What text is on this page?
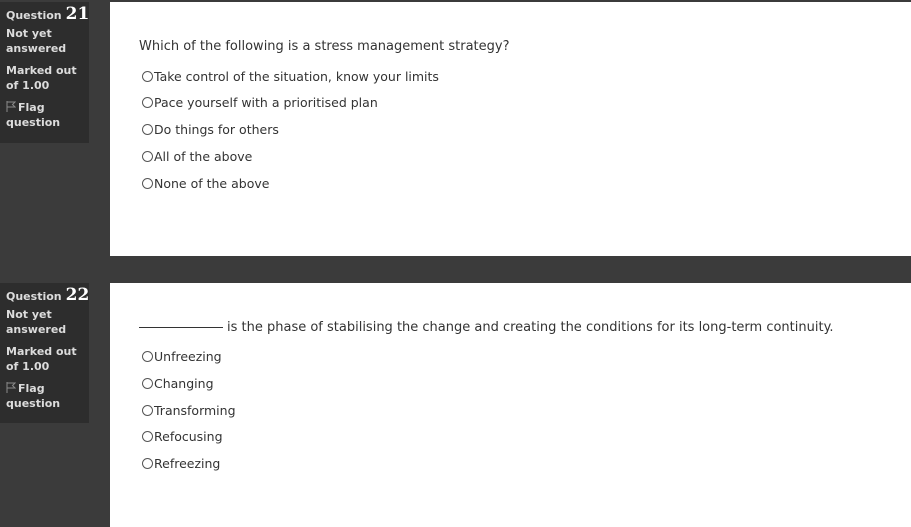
Question 21
Not yet answered
Marked out of 1.00
Flag question

Which of the following is a stress management strategy?

Take control of the situation, know your limits
Pace yourself with a prioritised plan
Do things for others
All of the above
None of the above
Question 22
Not yet answered
Marked out of 1.00
Flag question

is the phase of stabilising the change and creating the conditions for its long-term continuity.

Unfreezing
Changing
Transforming
Refocusing
Refreezing
